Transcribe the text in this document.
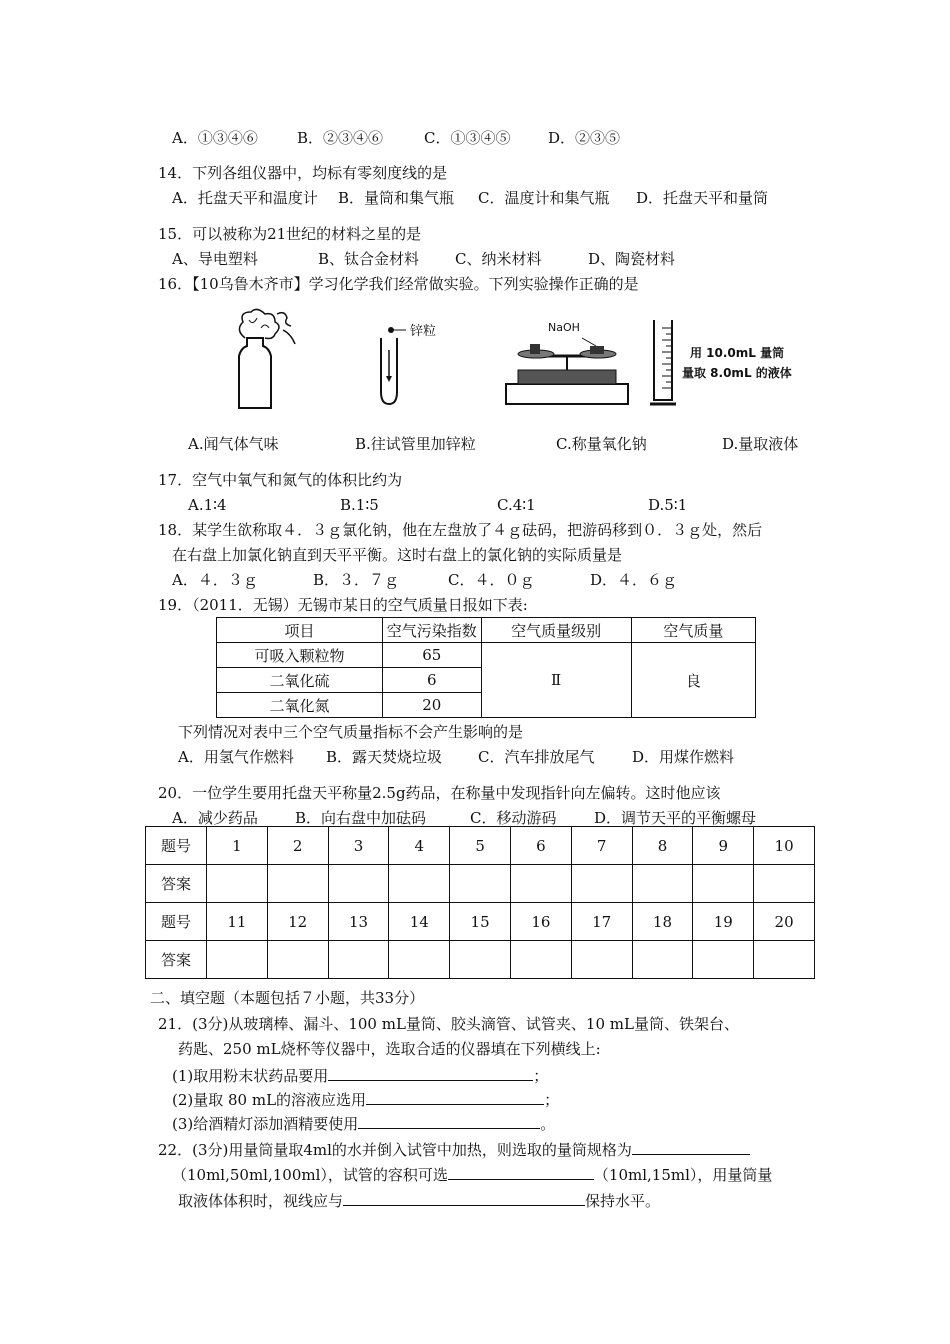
A．①③④⑥	B．②③④⑥	C．①③④⑤	D．②③⑤
14．下列各组仪器中，均标有零刻度线的是
A．托盘天平和温度计 B．量筒和集气瓶 C．温度计和集气瓶 D．托盘天平和量筒
15．可以被称为21世纪的材料之星的是
A、导电塑料	B、钛合金材料 C、纳米材料	D、陶瓷材料
16．【10乌鲁木齐市】学习化学我们经常做实验。下列实验操作正确的是
锌粒	NaOH
用 10.0mL 量筒
量取 8.0mL 的液体
A.闻气体气味	B.往试管里加锌粒	C.称量氧化钠	D.量取液体
17．空气中氧气和氮气的体积比约为
A.1∶4	B.1∶5	C.4∶1	D.5∶1
18．某学生欲称取４．３ｇ氯化钠，他在左盘放了４ｇ砝码，把游码移到０．３ｇ处，然后
在右盘上加氯化钠直到天平平衡。这时右盘上的氯化钠的实际质量是
A．４．３ｇ	B．３．７ｇ	C．４．０ｇ	D．４．６ｇ
19．（2011．无锡）无锡市某日的空气质量日报如下表:
项目	空气污染指数	空气质量级别	空气质量
可吸入颗粒物	65	Ⅱ	良
二氧化硫	6		
二氧化氮	20		
下列情况对表中三个空气质量指标不会产生影响的是
A．用氢气作燃料 B．露天焚烧垃圾 C．汽车排放尾气	D．用煤作燃料
20．一位学生要用托盘天平称量2.5g药品，在称量中发现指针向左偏转。这时他应该
A．减少药品 B．向右盘中加砝码	C．移动游码	D．调节天平的平衡螺母
题号	1	2	3	4	5	6	7	8	9	10
答案										
题号	11	12	13	14	15	16	17	18	19	20
答案										
二、填空题（本题包括７小题，共33分）
21．(3分)从玻璃棒、漏斗、100 mL量筒、胶头滴管、试管夹、10 mL量筒、铁架台、
药匙、250 mL烧杯等仪器中，选取合适的仪器填在下列横线上:
(1)取用粉末状药品要用	；
(2)量取 80 mL的溶液应选用	；
(3)给酒精灯添加酒精要使用	。
22．(3分)用量筒量取4ml的水并倒入试管中加热，则选取的量筒规格为
（10ml,50ml,100ml），试管的容积可选	（10ml,15ml），用量筒量
取液体体积时，视线应与	保持水平。
